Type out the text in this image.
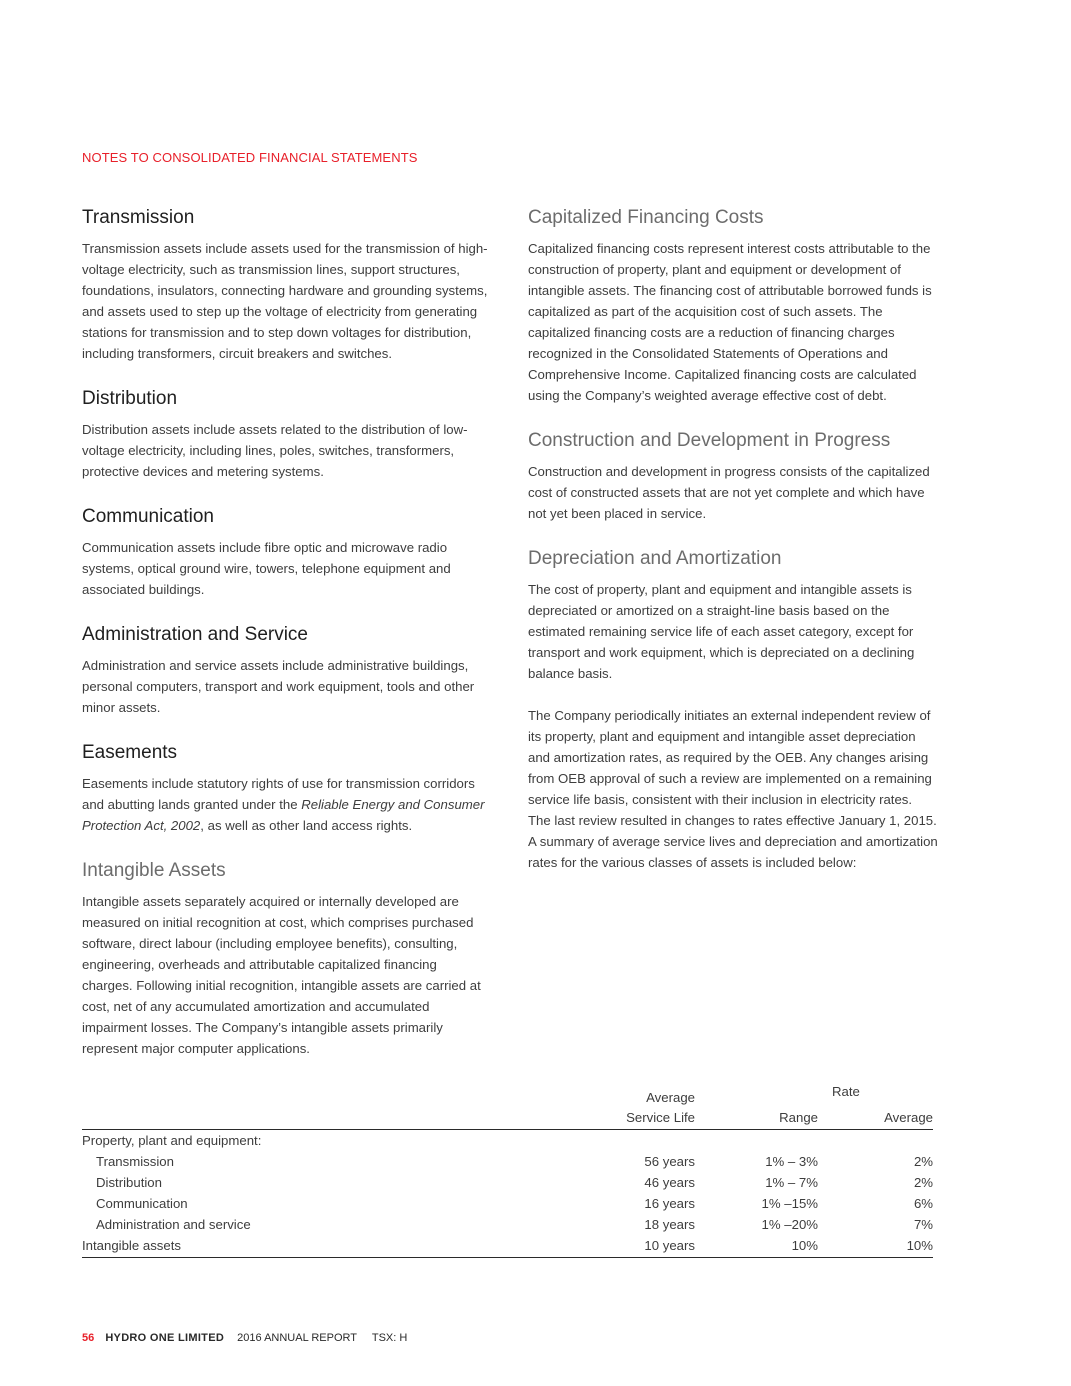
NOTES TO CONSOLIDATED FINANCIAL STATEMENTS
Transmission

Transmission assets include assets used for the transmission of high-voltage electricity, such as transmission lines, support structures, foundations, insulators, connecting hardware and grounding systems, and assets used to step up the voltage of electricity from generating stations for transmission and to step down voltages for distribution, including transformers, circuit breakers and switches.

Distribution

Distribution assets include assets related to the distribution of low-voltage electricity, including lines, poles, switches, transformers, protective devices and metering systems.

Communication

Communication assets include fibre optic and microwave radio systems, optical ground wire, towers, telephone equipment and associated buildings.

Administration and Service

Administration and service assets include administrative buildings, personal computers, transport and work equipment, tools and other minor assets.

Easements

Easements include statutory rights of use for transmission corridors and abutting lands granted under the Reliable Energy and Consumer Protection Act, 2002, as well as other land access rights.

Intangible Assets

Intangible assets separately acquired or internally developed are measured on initial recognition at cost, which comprises purchased software, direct labour (including employee benefits), consulting, engineering, overheads and attributable capitalized financing charges. Following initial recognition, intangible assets are carried at cost, net of any accumulated amortization and accumulated impairment losses. The Company’s intangible assets primarily represent major computer applications.

Capitalized Financing Costs

Capitalized financing costs represent interest costs attributable to the construction of property, plant and equipment or development of intangible assets. The financing cost of attributable borrowed funds is capitalized as part of the acquisition cost of such assets. The capitalized financing costs are a reduction of financing charges recognized in the Consolidated Statements of Operations and Comprehensive Income. Capitalized financing costs are calculated using the Company’s weighted average effective cost of debt.

Construction and Development in Progress

Construction and development in progress consists of the capitalized cost of constructed assets that are not yet complete and which have not yet been placed in service.

Depreciation and Amortization

The cost of property, plant and equipment and intangible assets is depreciated or amortized on a straight-line basis based on the estimated remaining service life of each asset category, except for transport and work equipment, which is depreciated on a declining balance basis.

The Company periodically initiates an external independent review of its property, plant and equipment and intangible asset depreciation and amortization rates, as required by the OEB. Any changes arising from OEB approval of such a review are implemented on a remaining service life basis, consistent with their inclusion in electricity rates. The last review resulted in changes to rates effective January 1, 2015. A summary of average service lives and depreciation and amortization rates for the various classes of assets is included below:

Average
Service Life
Rate
Range	Average
Property, plant and equipment:
Transmission	56 years	1% – 3%	2%
Distribution	46 years	1% – 7%	2%
Communication	16 years	1% –15%	6%
Administration and service	18 years	1% –20%	7%
Intangible assets	10 years	10%	10%
56 HYDRO ONE LIMITED 2016 ANNUAL REPORT TSX: H
